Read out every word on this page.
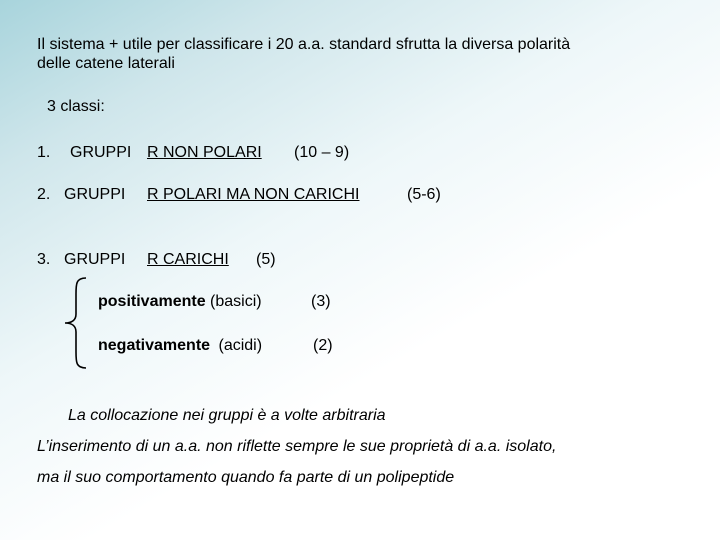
Il sistema + utile per classificare i 20 a.a. standard sfrutta la diversa polarità
delle catene laterali
3 classi:
1. GRUPPI R NON POLARI (10 – 9)
2. GRUPPI R POLARI MA NON CARICHI	(5-6)
3. GRUPPI R CARICHI (5)
positivamente (basici)	(3)
negativamente (acidi)	(2)
La collocazione nei gruppi è a volte arbitraria
L’inserimento di un a.a. non riflette sempre le sue proprietà di a.a. isolato,
ma il suo comportamento quando fa parte di un polipeptide
